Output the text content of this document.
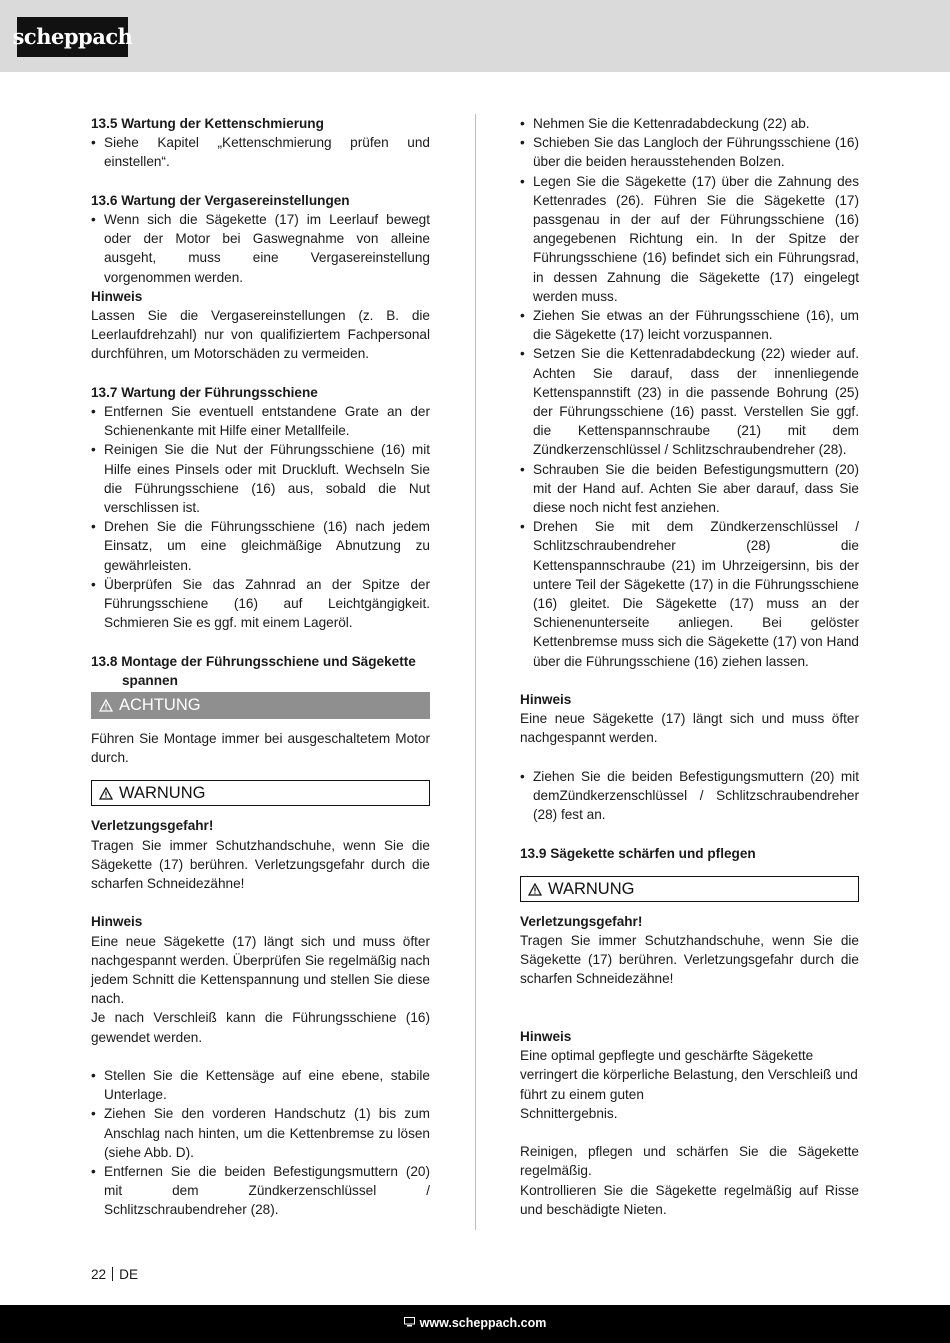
scheppach

13.5 Wartung der Kettenschmierung

• Siehe Kapitel „Kettenschmierung prüfen und einstellen“.

13.6 Wartung der Vergasereinstellungen

• Wenn sich die Sägekette (17) im Leerlauf bewegt oder der Motor bei Gaswegnahme von alleine ausgeht, muss eine Vergasereinstellung vorgenommen werden.

Hinweis

Lassen Sie die Vergasereinstellungen (z. B. die Leerlaufdrehzahl) nur von qualifiziertem Fachpersonal durchführen, um Motorschäden zu vermeiden.

13.7 Wartung der Führungsschiene

• Entfernen Sie eventuell entstandene Grate an der Schienenkante mit Hilfe einer Metallfeile.

• Reinigen Sie die Nut der Führungsschiene (16) mit Hilfe eines Pinsels oder mit Druckluft. Wechseln Sie die Führungsschiene (16) aus, sobald die Nut verschlissen ist.

• Drehen Sie die Führungsschiene (16) nach jedem Einsatz, um eine gleichmäßige Abnutzung zu gewährleisten.

• Überprüfen Sie das Zahnrad an der Spitze der Führungsschiene (16) auf Leichtgängigkeit. Schmieren Sie es ggf. mit einem Lageröl.

13.8 Montage der Führungsschiene und Sägekette spannen

ACHTUNG

Führen Sie Montage immer bei ausgeschaltetem Motor durch.

WARNUNG

Verletzungsgefahr!

Tragen Sie immer Schutzhandschuhe, wenn Sie die Sägekette (17) berühren. Verletzungsgefahr durch die scharfen Schneidezähne!

Hinweis

Eine neue Sägekette (17) längt sich und muss öfter nachgespannt werden. Überprüfen Sie regelmäßig nach jedem Schnitt die Kettenspannung und stellen Sie diese nach.

Je nach Verschleiß kann die Führungsschiene (16) gewendet werden.

• Stellen Sie die Kettensäge auf eine ebene, stabile Unterlage.

• Ziehen Sie den vorderen Handschutz (1) bis zum Anschlag nach hinten, um die Kettenbremse zu lösen (siehe Abb. D).

• Entfernen Sie die beiden Befestigungsmuttern (20) mit dem Zündkerzenschlüssel / Schlitzschraubendreher (28).

• Nehmen Sie die Kettenradabdeckung (22) ab.

• Schieben Sie das Langloch der Führungsschiene (16) über die beiden herausstehenden Bolzen.

• Legen Sie die Sägekette (17) über die Zahnung des Kettenrades (26). Führen Sie die Sägekette (17) passgenau in der auf der Führungsschiene (16) angegebenen Richtung ein. In der Spitze der Führungsschiene (16) befindet sich ein Führungsrad, in dessen Zahnung die Sägekette (17) eingelegt werden muss.

• Ziehen Sie etwas an der Führungsschiene (16), um die Sägekette (17) leicht vorzuspannen.

• Setzen Sie die Kettenradabdeckung (22) wieder auf. Achten Sie darauf, dass der innenliegende Kettenspannstift (23) in die passende Bohrung (25) der Führungsschiene (16) passt. Verstellen Sie ggf. die Kettenspannschraube (21) mit dem Zündkerzenschlüssel / Schlitzschraubendreher (28).

• Schrauben Sie die beiden Befestigungsmuttern (20) mit der Hand auf. Achten Sie aber darauf, dass Sie diese noch nicht fest anziehen.

• Drehen Sie mit dem Zündkerzenschlüssel / Schlitzschraubendreher (28) die Kettenspannschraube (21) im Uhrzeigersinn, bis der untere Teil der Sägekette (17) in die Führungsschiene (16) gleitet. Die Sägekette (17) muss an der Schienenunterseite anliegen. Bei gelöster Kettenbremse muss sich die Sägekette (17) von Hand über die Führungsschiene (16) ziehen lassen.

Hinweis

Eine neue Sägekette (17) längt sich und muss öfter nachgespannt werden.

• Ziehen Sie die beiden Befestigungsmuttern (20) mit demZündkerzenschlüssel / Schlitzschraubendreher (28) fest an.

13.9 Sägekette schärfen und pflegen

WARNUNG

Verletzungsgefahr!

Tragen Sie immer Schutzhandschuhe, wenn Sie die Sägekette (17) berühren. Verletzungsgefahr durch die scharfen Schneidezähne!

Hinweis

Eine optimal gepflegte und geschärfte Sägekette verringert die körperliche Belastung, den Verschleiß und führt zu einem guten

Schnittergebnis.

Reinigen, pflegen und schärfen Sie die Sägekette regelmäßig.

Kontrollieren Sie die Sägekette regelmäßig auf Risse und beschädigte Nieten.

22 DE
www.scheppach.com
